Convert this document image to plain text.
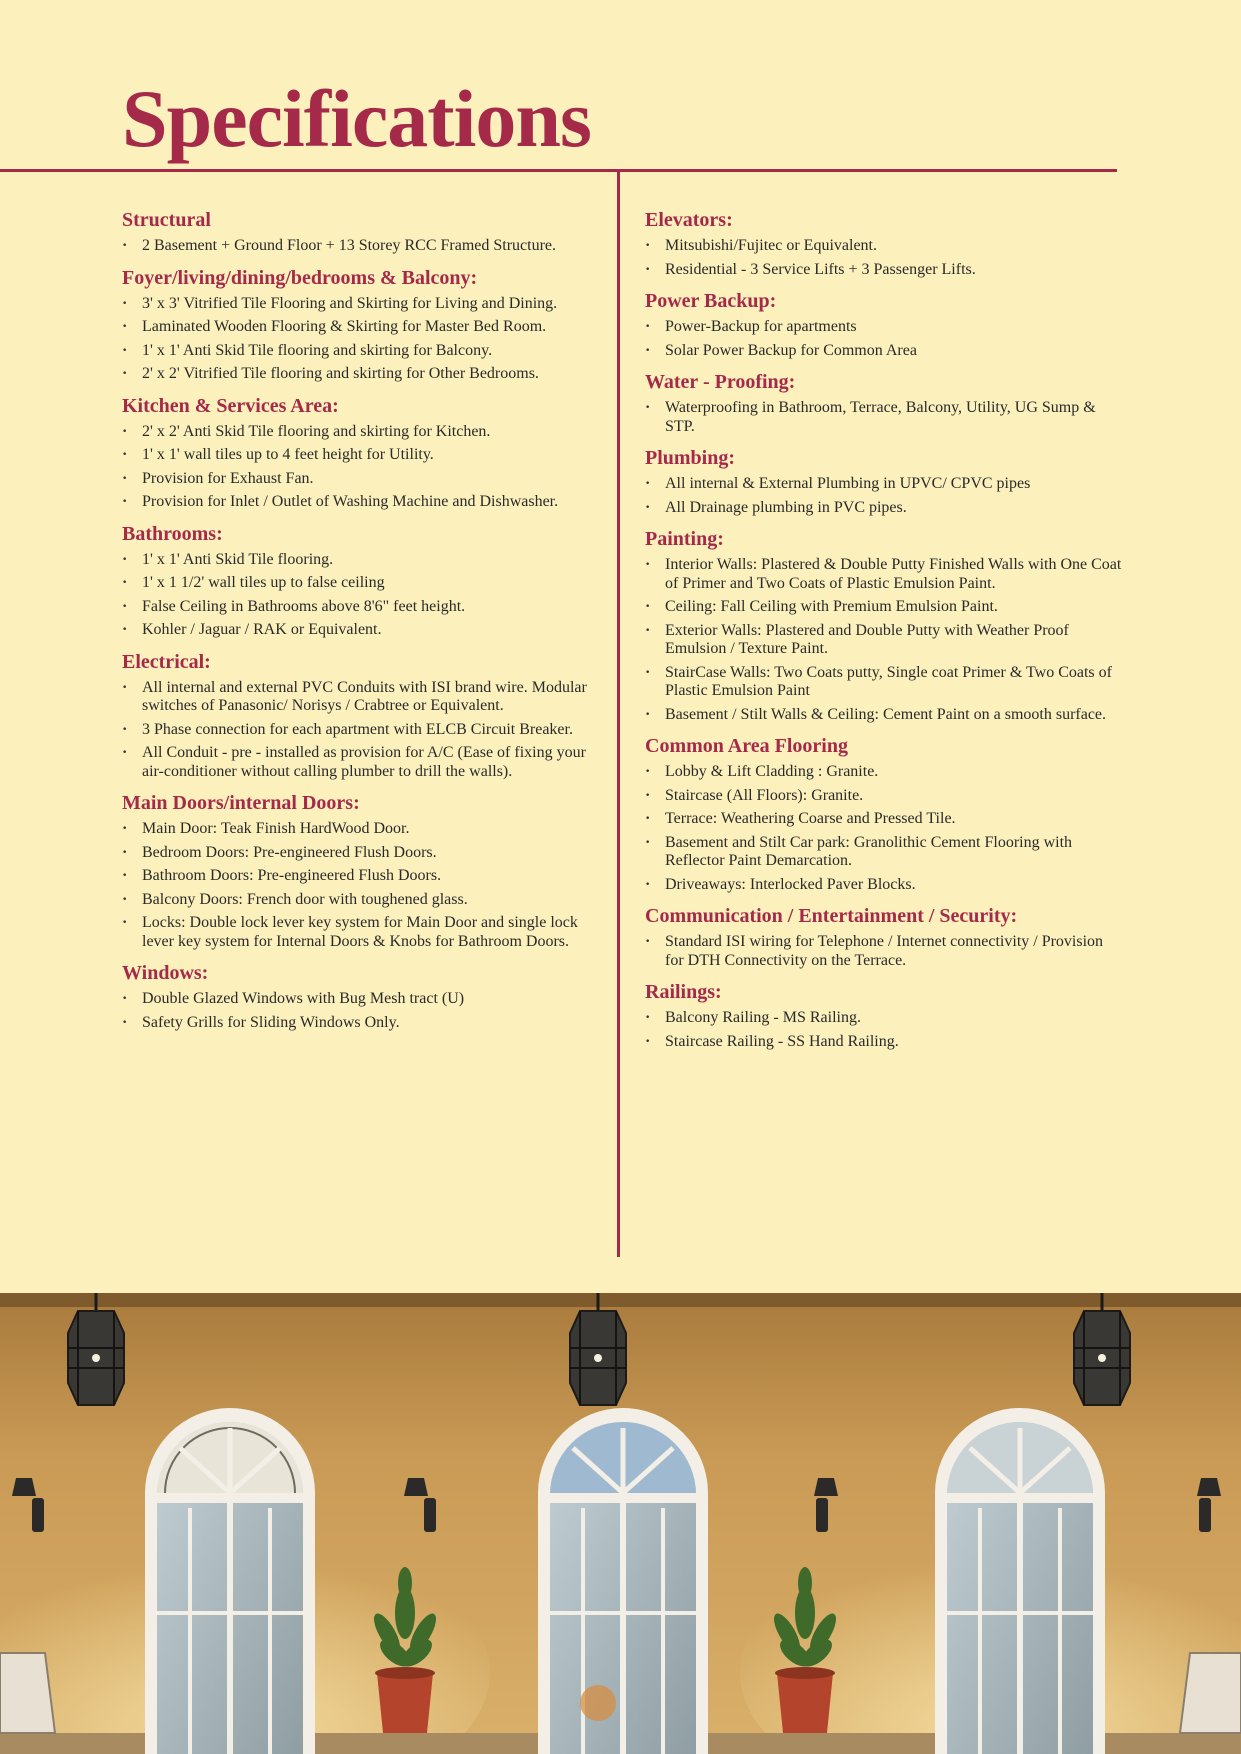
Specifications
Structural
· 2 Basement + Ground Floor + 13 Storey RCC Framed Structure.
Foyer/living/dining/bedrooms & Balcony:
· 3' x 3' Vitrified Tile Flooring and Skirting for Living and Dining.
· Laminated Wooden Flooring & Skirting for Master Bed Room.
· 1' x 1' Anti Skid Tile flooring and skirting for Balcony.
· 2' x 2' Vitrified Tile flooring and skirting for Other Bedrooms.
Kitchen & Services Area:
· 2' x 2' Anti Skid Tile flooring and skirting for Kitchen.
· 1' x 1' wall tiles up to 4 feet height for Utility.
· Provision for Exhaust Fan.
· Provision for Inlet / Outlet of Washing Machine and Dishwasher.
Bathrooms:
· 1' x 1' Anti Skid Tile flooring.
· 1' x 1 1/2' wall tiles up to false ceiling
· False Ceiling in Bathrooms above 8'6" feet height.
· Kohler / Jaguar / RAK or Equivalent.
Electrical:
· All internal and external PVC Conduits with ISI brand wire. Modular switches of Panasonic/ Norisys / Crabtree or Equivalent.
· 3 Phase connection for each apartment with ELCB Circuit Breaker.
· All Conduit - pre - installed as provision for A/C (Ease of fixing your air-conditioner without calling plumber to drill the walls).
Main Doors/internal Doors:
· Main Door: Teak Finish HardWood Door.
· Bedroom Doors: Pre-engineered Flush Doors.
· Bathroom Doors: Pre-engineered Flush Doors.
· Balcony Doors: French door with toughened glass.
· Locks: Double lock lever key system for Main Door and single lock lever key system for Internal Doors & Knobs for Bathroom Doors.
Windows:
· Double Glazed Windows with Bug Mesh tract (U)
· Safety Grills for Sliding Windows Only.
Elevators:
· Mitsubishi/Fujitec or Equivalent.
· Residential - 3 Service Lifts + 3 Passenger Lifts.
Power Backup:
· Power-Backup for apartments
· Solar Power Backup for Common Area
Water - Proofing:
· Waterproofing in Bathroom, Terrace, Balcony, Utility, UG Sump & STP.
Plumbing:
· All internal & External Plumbing in UPVC/ CPVC pipes
· All Drainage plumbing in PVC pipes.
Painting:
· Interior Walls: Plastered & Double Putty Finished Walls with One Coat of Primer and Two Coats of Plastic Emulsion Paint.
· Ceiling: Fall Ceiling with Premium Emulsion Paint.
· Exterior Walls: Plastered and Double Putty with Weather Proof Emulsion / Texture Paint.
· StairCase Walls: Two Coats putty, Single coat Primer & Two Coats of Plastic Emulsion Paint
· Basement / Stilt Walls & Ceiling: Cement Paint on a smooth surface.
Common Area Flooring
· Lobby & Lift Cladding : Granite.
· Staircase (All Floors): Granite.
· Terrace: Weathering Coarse and Pressed Tile.
· Basement and Stilt Car park: Granolithic Cement Flooring with Reflector Paint Demarcation.
· Driveaways: Interlocked Paver Blocks.
Communication / Entertainment / Security:
· Standard ISI wiring for Telephone / Internet connectivity / Provision for DTH Connectivity on the Terrace.
Railings:
· Balcony Railing - MS Railing.
· Staircase Railing - SS Hand Railing.
